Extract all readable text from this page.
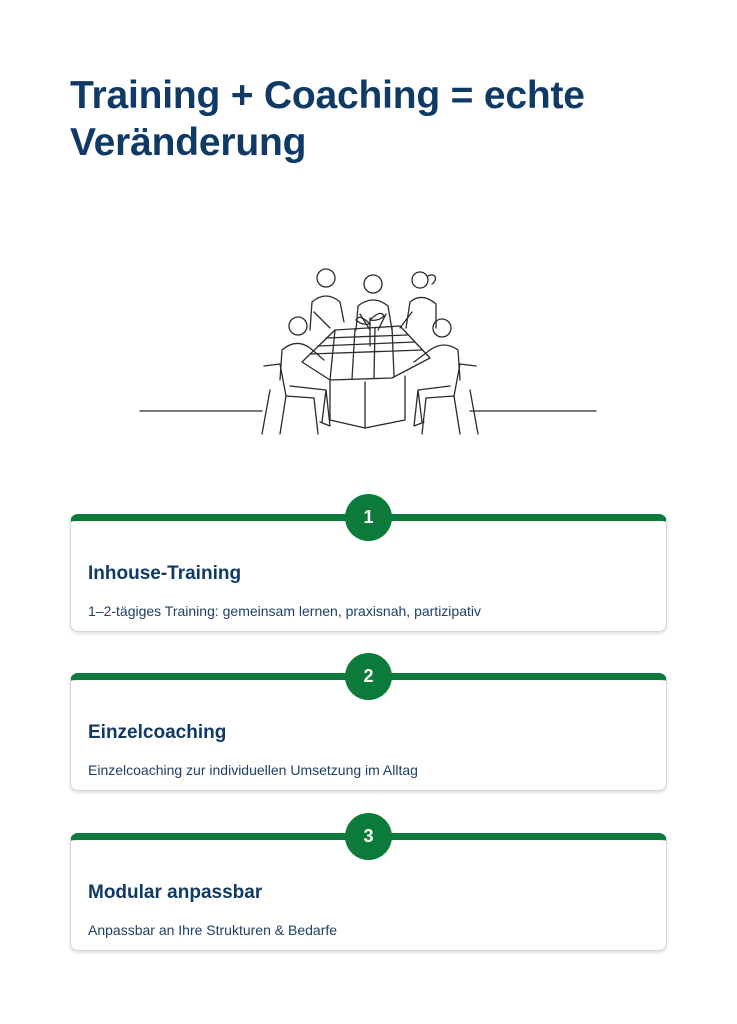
Training + Coaching = echte Veränderung
1
Inhouse-Training

1–2-tägiges Training: gemeinsam lernen, praxisnah, partizipativ

2
Einzelcoaching

Einzelcoaching zur individuellen Umsetzung im Alltag

3
Modular anpassbar

Anpassbar an Ihre Strukturen & Bedarfe
